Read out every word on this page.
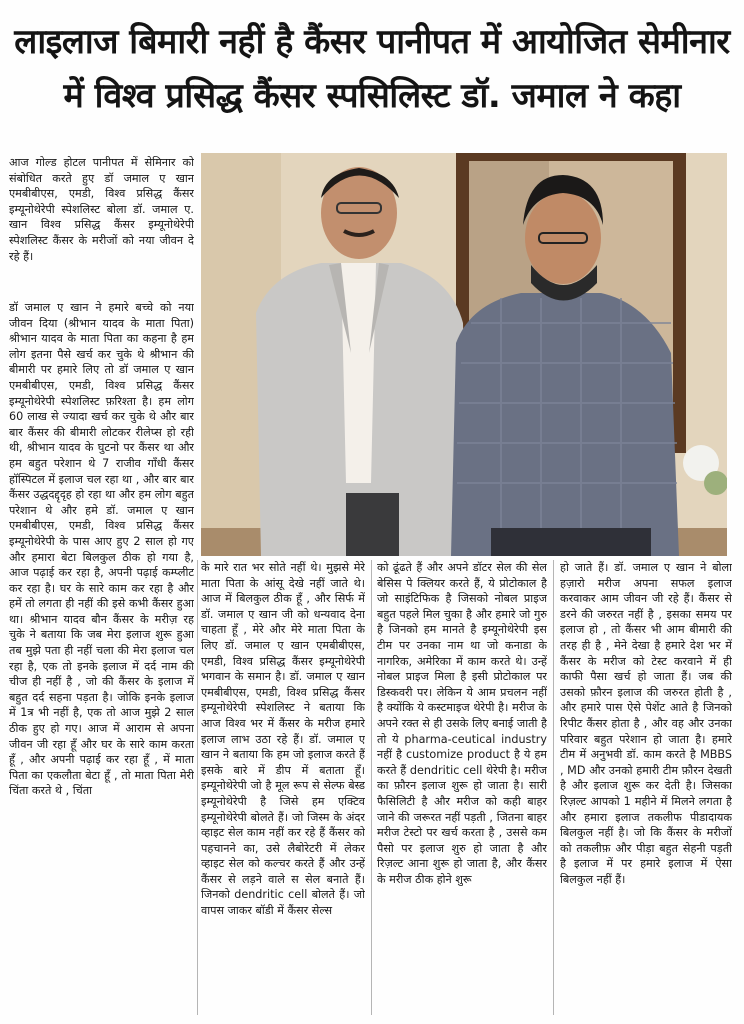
लाइलाज बिमारी नहीं है कैंसर पानीपत में आयोजित सेमीनार
में विश्व प्रसिद्ध कैंसर स्पसिलिस्ट डॉ. जमाल ने कहा

आज गोल्ड होटल पानीपत में सेमिनार को संबोधित करते हुए डॉ जमाल ए खान एमबीबीएस, एमडी, विश्व प्रसिद्ध कैंसर इम्यूनोथेरेपी स्पेशलिस्ट बोला डॉ. जमाल ए. खान विश्व प्रसिद्ध कैंसर इम्यूनोथेरेपी स्पेशलिस्ट कैंसर के मरीजों को नया जीवन दे रहे हैं।

डॉ जमाल ए खान ने हमारे बच्चे को नया जीवन दिया (श्रीभान यादव के माता पिता) श्रीभान यादव के माता पिता का कहना है हम लोग इतना पैसे खर्च कर चुके थे श्रीभान की बीमारी पर हमारे लिए तो डॉ जमाल ए खान एमबीबीएस, एमडी, विश्व प्रसिद्ध कैंसर इम्यूनोथेरेपी स्पेशलिस्ट फ़रिश्ता है। हम लोग 60 लाख से ज्यादा खर्च कर चुके थे और बार बार कैंसर की बीमारी लोटकर रीलेप्स हो रही थी, श्रीभान यादव के घुटनो पर कैंसर था और हम बहुत परेशान थे 7 राजीव गाँधी कैंसर हॉस्पिटल में इलाज चल रहा था , और बार बार कैंसर उद्धदद्दृदृह हो रहा था और हम लोग बहुत परेशान थे और हमे डॉ. जमाल ए खान एमबीबीएस, एमडी, विश्व प्रसिद्ध कैंसर इम्यूनोथेरेपी के पास आए हुए 2 साल हो गए और हमारा बेटा बिलकुल ठीक हो गया है, आज पढ़ाई कर रहा है, अपनी पढ़ाई कम्प्लीट कर रहा है। घर के सारे काम कर रहा है और हमें तो लगता ही नहीं की इसे कभी कैंसर हुआ था। श्रीभान यादव बौन कैंसर के मरीज़ रह चुके ने बताया कि जब मेरा इलाज शुरू हुआ तब मुझे पता ही नहीं चला की मेरा इलाज चल रहा है, एक तो इनके इलाज में दर्द नाम की चीज ही नहीं है , जो की कैंसर के इलाज में बहुत दर्द सहना पड़ता है। जोकि इनके इलाज में 1त्र भी नहीं है, एक तो आज मुझे 2 साल ठीक हुए हो गए। आज में आराम से अपना जीवन जी रहा हूँ और घर के सारे काम करता हूँ , और अपनी पढ़ाई कर रहा हूँ , में माता पिता का एकलौता बेटा हूँ , तो माता पिता मेरी चिंता करते थे , चिंता

के मारे रात भर सोते नहीं थे। मुझसे मेरे माता पिता के आंसू देखे नहीं जाते थे। आज में बिलकुल ठीक हूँ , और सिर्फ में डॉ. जमाल ए खान जी को धन्यवाद देना चाहता हूँ , मेरे और मेरे माता पिता के लिए डॉ. जमाल ए खान एमबीबीएस, एमडी, विश्व प्रसिद्ध कैंसर इम्यूनोथेरेपी भगवान के समान है। डॉ. जमाल ए खान एमबीबीएस, एमडी, विश्व प्रसिद्ध कैंसर इम्यूनोथेरेपी स्पेशलिस्ट ने बताया कि आज विश्व भर में कैंसर के मरीज हमारे इलाज लाभ उठा रहे हैं। डॉ. जमाल ए खान ने बताया कि हम जो इलाज करते हैं इसके बारे में डीप में बताता हूँ। इम्यूनोथेरेपी जो है मूल रूप से सेल्फ बेस्ड इम्यूनोथेरेपी है जिसे हम एक्टिव इम्यूनोथेरेपी बोलते हैं। जो जिस्म के अंदर व्हाइट सेल काम नहीं कर रहे हैं कैंसर को पहचानने का, उसे लैबोरेटरी में लेकर व्हाइट सेल को कल्चर करते हैं और उन्हें कैंसर से लड़ने वाले स सेल बनाते हैं। जिनको dendritic cell बोलते हैं। जो वापस जाकर बॉडी में कैंसर सेल्स

को ढूंढते हैं और अपने डॉटर सेल की सेल बेसिस पे क्लियर करते हैं, ये प्रोटोकाल है जो साइंटिफिक है जिसको नोबल प्राइज बहुत पहले मिल चुका है और हमारे जो गुरु है जिनको हम मानते है इम्यूनोथेरेपी इस टीम पर उनका नाम था जो कनाडा के नागरिक, अमेरिका में काम करते थे। उन्हें नोबल प्राइज मिला है इसी प्रोटोकाल पर डिस्कवरी पर। लेकिन ये आम प्रचलन नहीं है क्योंकि ये कस्टमाइज थेरेपी है। मरीज के अपने रक्त से ही उसके लिए बनाई जाती है तो ये pharma-ceutical industry नहीं है customize product है ये हम करते हैं dendritic cell थेरेपी है। मरीज का फ़ौरन इलाज शुरू हो जाता है। सारी फैसिलिटी है और मरीज को कही बाहर जाने की जरूरत नहीं पड़ती , जितना बाहर मरीज टेस्टो पर खर्च करता है , उससे कम पैसो पर इलाज शुरु हो जाता है और रिज़ल्ट आना शुरू हो जाता है, और कैंसर के मरीज ठीक होने शुरू

हो जाते हैं। डॉ. जमाल ए खान ने बोला हज़ारो मरीज अपना सफल इलाज करवाकर आम जीवन जी रहे हैं। कैंसर से डरने की जरुरत नहीं है , इसका समय पर इलाज हो , तो कैंसर भी आम बीमारी की तरह ही है , मेने देखा है हमारे देश भर में कैंसर के मरीज को टेस्ट करवाने में ही काफी पैसा खर्च हो जाता हैं। जब की उसको फ़ौरन इलाज की जरुरत होती है , और हमारे पास ऐसे पेशेंट आते है जिनको रिपीट कैंसर होता है , और वह और उनका परिवार बहुत परेशान हो जाता है। हमारे टीम में अनुभवी डॉ. काम करते है MBBS , MD और उनको हमारी टीम फ़ौरन देखती है और इलाज शुरू कर देती है। जिसका रिज़ल्ट आपको 1 महीने में मिलने लगता है और हमारा इलाज तकलीफ पीडादायक बिलकुल नहीं है। जो कि कैंसर के मरीजों को तकलीफ़ और पीड़ा बहुत सेहनी पड़ती है इलाज में पर हमारे इलाज में ऐसा बिलकुल नहीं हैं।
